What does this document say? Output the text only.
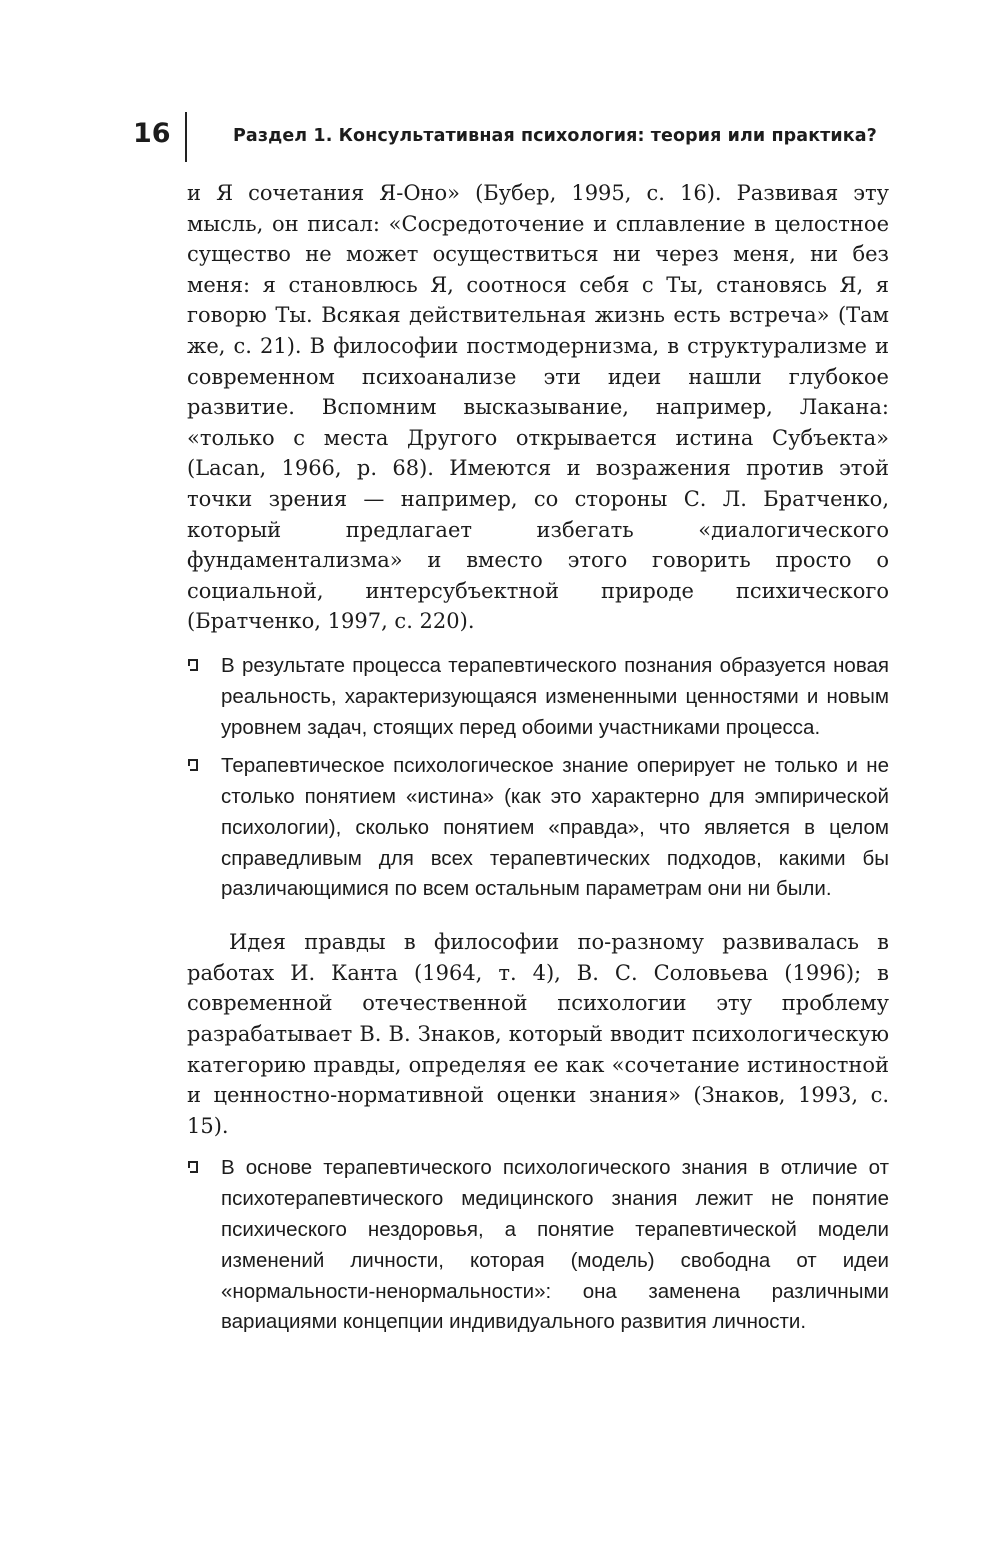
16	Раздел 1. Консультативная психология: теория или практика?

и Я сочетания Я-Оно» (Бубер, 1995, с. 16). Развивая эту мысль, он писал: «Сосредоточение и сплавление в целостное существо не может осуществиться ни через меня, ни без меня: я становлюсь Я, соотнося себя с Ты, становясь Я, я говорю Ты. Всякая действительная жизнь есть встреча» (Там же, с. 21). В философии постмодернизма, в структурализме и современном психоанализе эти идеи нашли глубокое развитие. Вспомним высказывание, например, Лакана: «только с места Другого открывается истина Субъекта» (Lacan, 1966, p. 68). Имеются и возражения против этой точки зрения — например, со стороны С. Л. Братченко, который предлагает избегать «диалогического фундаментализма» и вместо этого говорить просто о социальной, интерсубъектной природе психического (Братченко, 1997, с. 220).

В результате процесса терапевтического познания образуется новая реальность, характеризующаяся измененными ценностями и новым уровнем задач, стоящих перед обоими участниками процесса.
Терапевтическое психологическое знание оперирует не только и не столько понятием «истина» (как это характерно для эмпирической психологии), сколько понятием «правда», что является в целом справедливым для всех терапевтических подходов, какими бы различающимися по всем остальным параметрам они ни были.

Идея правды в философии по-разному развивалась в работах И. Канта (1964, т. 4), В. С. Соловьева (1996); в современной отечественной психологии эту проблему разрабатывает В. В. Знаков, который вводит психологическую категорию правды, определяя ее как «сочетание истиностной и ценностно-нормативной оценки знания» (Знаков, 1993, с. 15).

В основе терапевтического психологического знания в отличие от психотерапевтического медицинского знания лежит не понятие психического нездоровья, а понятие терапевтической модели изменений личности, которая (модель) свободна от идеи «нормальности-ненормальности»: она заменена различными вариациями концепции индивидуального развития личности.
